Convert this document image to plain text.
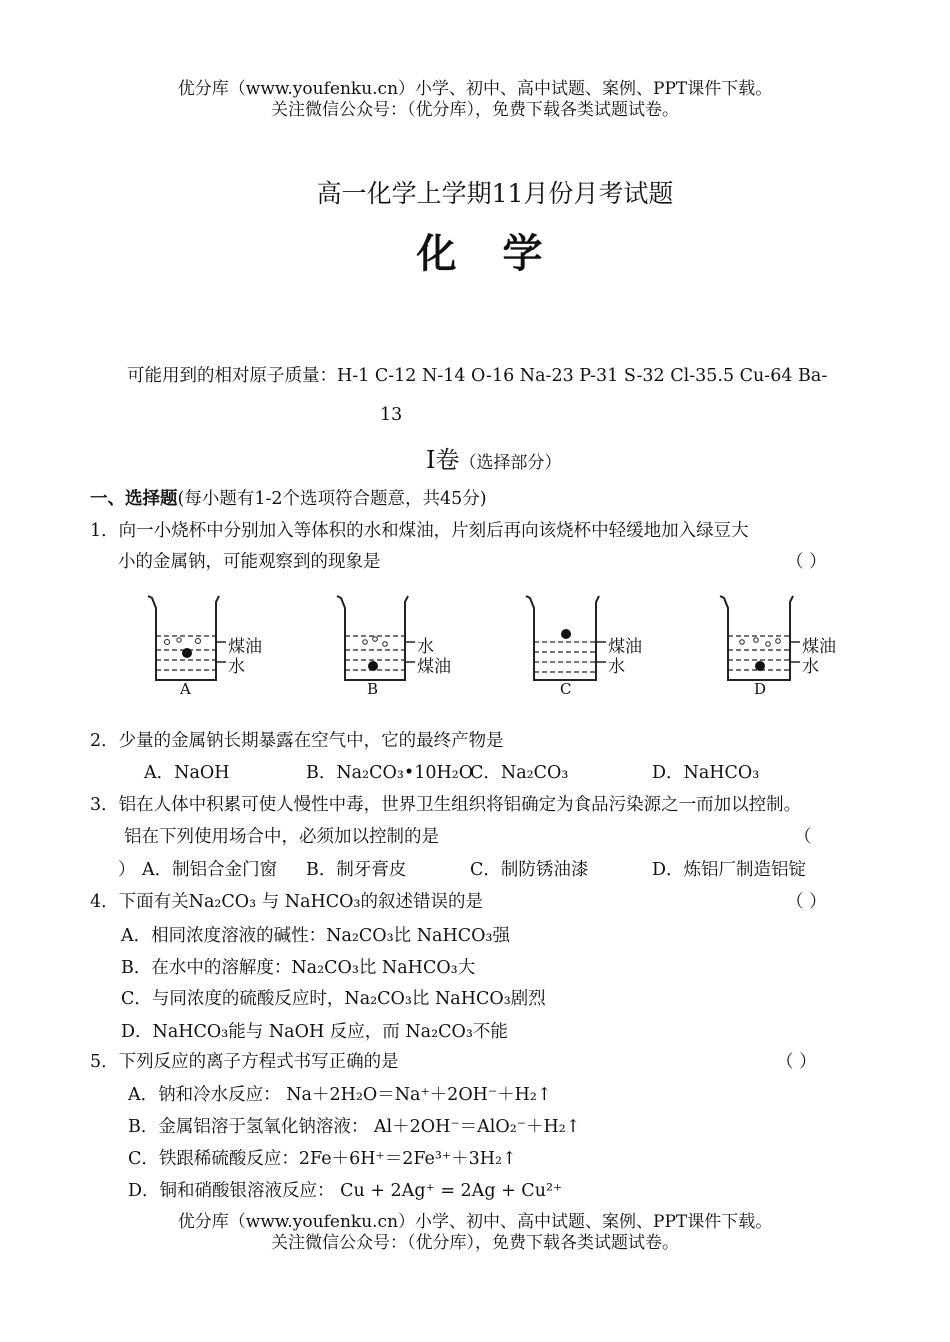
优分库（www.youfenku.cn）小学、初中、高中试题、案例、PPT课件下载。
关注微信公众号：（优分库），免费下载各类试题试卷。
高一化学上学期11月份月考试题
化 学
可能用到的相对原子质量：H-1 C-12 N-14 O-16 Na-23 P-31 S-32 Cl-35.5 Cu-64 Ba-
13
Ⅰ卷（选择部分）
一、选择题(每小题有1-2个选项符合题意，共45分)
1．向一小烧杯中分别加入等体积的水和煤油，片刻后再向该烧杯中轻缓地加入绿豆大
小的金属钠，可能观察到的现象是	（ ）
煤油
水
A
水
煤油
B
煤油
水
C
煤油
水
D
2．少量的金属钠长期暴露在空气中，它的最终产物是
A．NaOH	B．Na₂CO₃•10H₂O
C．Na₂CO₃	D．NaHCO₃
3．铝在人体中积累可使人慢性中毒，世界卫生组织将铝确定为食品污染源之一而加以控制。
铝在下列使用场合中，必须加以控制的是	（
） A．制铝合金门窗 B．制牙膏皮	C．制防锈油漆	D．炼铝厂制造铝锭
4．下面有关Na₂CO₃ 与 NaHCO₃的叙述错误的是	（ ）
A．相同浓度溶液的碱性：Na₂CO₃比 NaHCO₃强
B．在水中的溶解度：Na₂CO₃比 NaHCO₃大
C．与同浓度的硫酸反应时，Na₂CO₃比 NaHCO₃剧烈
D．NaHCO₃能与 NaOH 反应，而 Na₂CO₃不能
5．下列反应的离子方程式书写正确的是	（ ）
A．钠和冷水反应： Na＋2H₂O＝Na⁺＋2OH⁻＋H₂↑
B．金属铝溶于氢氧化钠溶液： Al＋2OH⁻＝AlO₂⁻＋H₂↑
C．铁跟稀硫酸反应：2Fe＋6H⁺＝2Fe³⁺＋3H₂↑
D．铜和硝酸银溶液反应： Cu + 2Ag⁺ = 2Ag + Cu²⁺
优分库（www.youfenku.cn）小学、初中、高中试题、案例、PPT课件下载。
关注微信公众号：（优分库），免费下载各类试题试卷。
